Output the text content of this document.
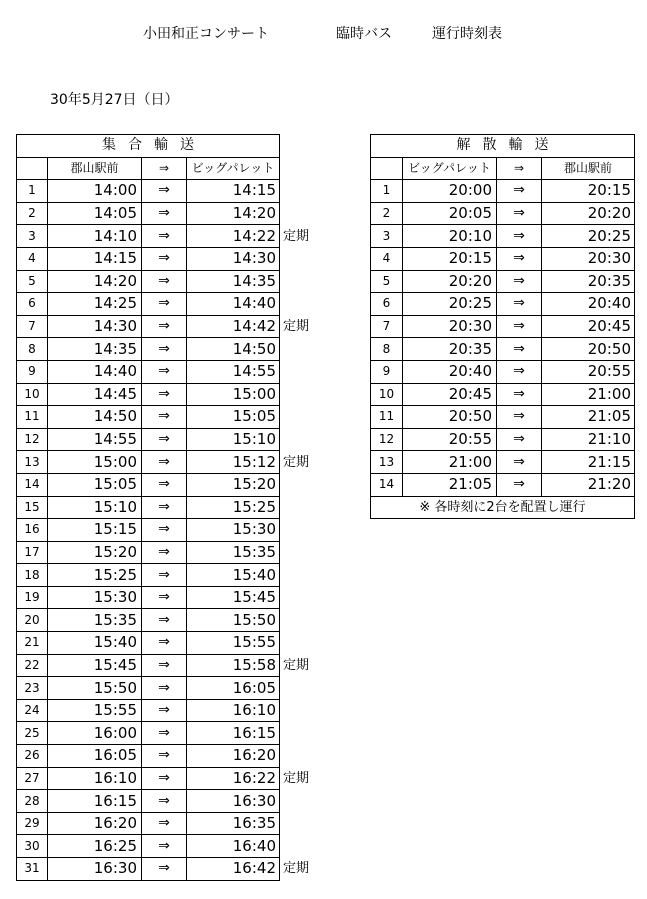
小田和正コンサート	臨時バス	運行時刻表
30年5月27日（日）
集合輸送				
	郡山駅前	⇒	ビッグパレット	
1	14:00	⇒	14:15	
2	14:05	⇒	14:20	
3	14:10	⇒	14:22	定期
4	14:15	⇒	14:30	
5	14:20	⇒	14:35	
6	14:25	⇒	14:40	
7	14:30	⇒	14:42	定期
8	14:35	⇒	14:50	
9	14:40	⇒	14:55	
10	14:45	⇒	15:00	
11	14:50	⇒	15:05	
12	14:55	⇒	15:10	
13	15:00	⇒	15:12	定期
14	15:05	⇒	15:20	
15	15:10	⇒	15:25	
16	15:15	⇒	15:30	
17	15:20	⇒	15:35	
18	15:25	⇒	15:40	
19	15:30	⇒	15:45	
20	15:35	⇒	15:50	
21	15:40	⇒	15:55	
22	15:45	⇒	15:58	定期
23	15:50	⇒	16:05	
24	15:55	⇒	16:10	
25	16:00	⇒	16:15	
26	16:05	⇒	16:20	
27	16:10	⇒	16:22	定期
28	16:15	⇒	16:30	
29	16:20	⇒	16:35	
30	16:25	⇒	16:40	
31	16:30	⇒	16:42	定期
解散輸送			
	ビッグパレット	⇒	郡山駅前
1	20:00	⇒	20:15
2	20:05	⇒	20:20
3	20:10	⇒	20:25
4	20:15	⇒	20:30
5	20:20	⇒	20:35
6	20:25	⇒	20:40
7	20:30	⇒	20:45
8	20:35	⇒	20:50
9	20:40	⇒	20:55
10	20:45	⇒	21:00
11	20:50	⇒	21:05
12	20:55	⇒	21:10
13	21:00	⇒	21:15
14	21:05	⇒	21:20
※ 各時刻に2台を配置し運行			
